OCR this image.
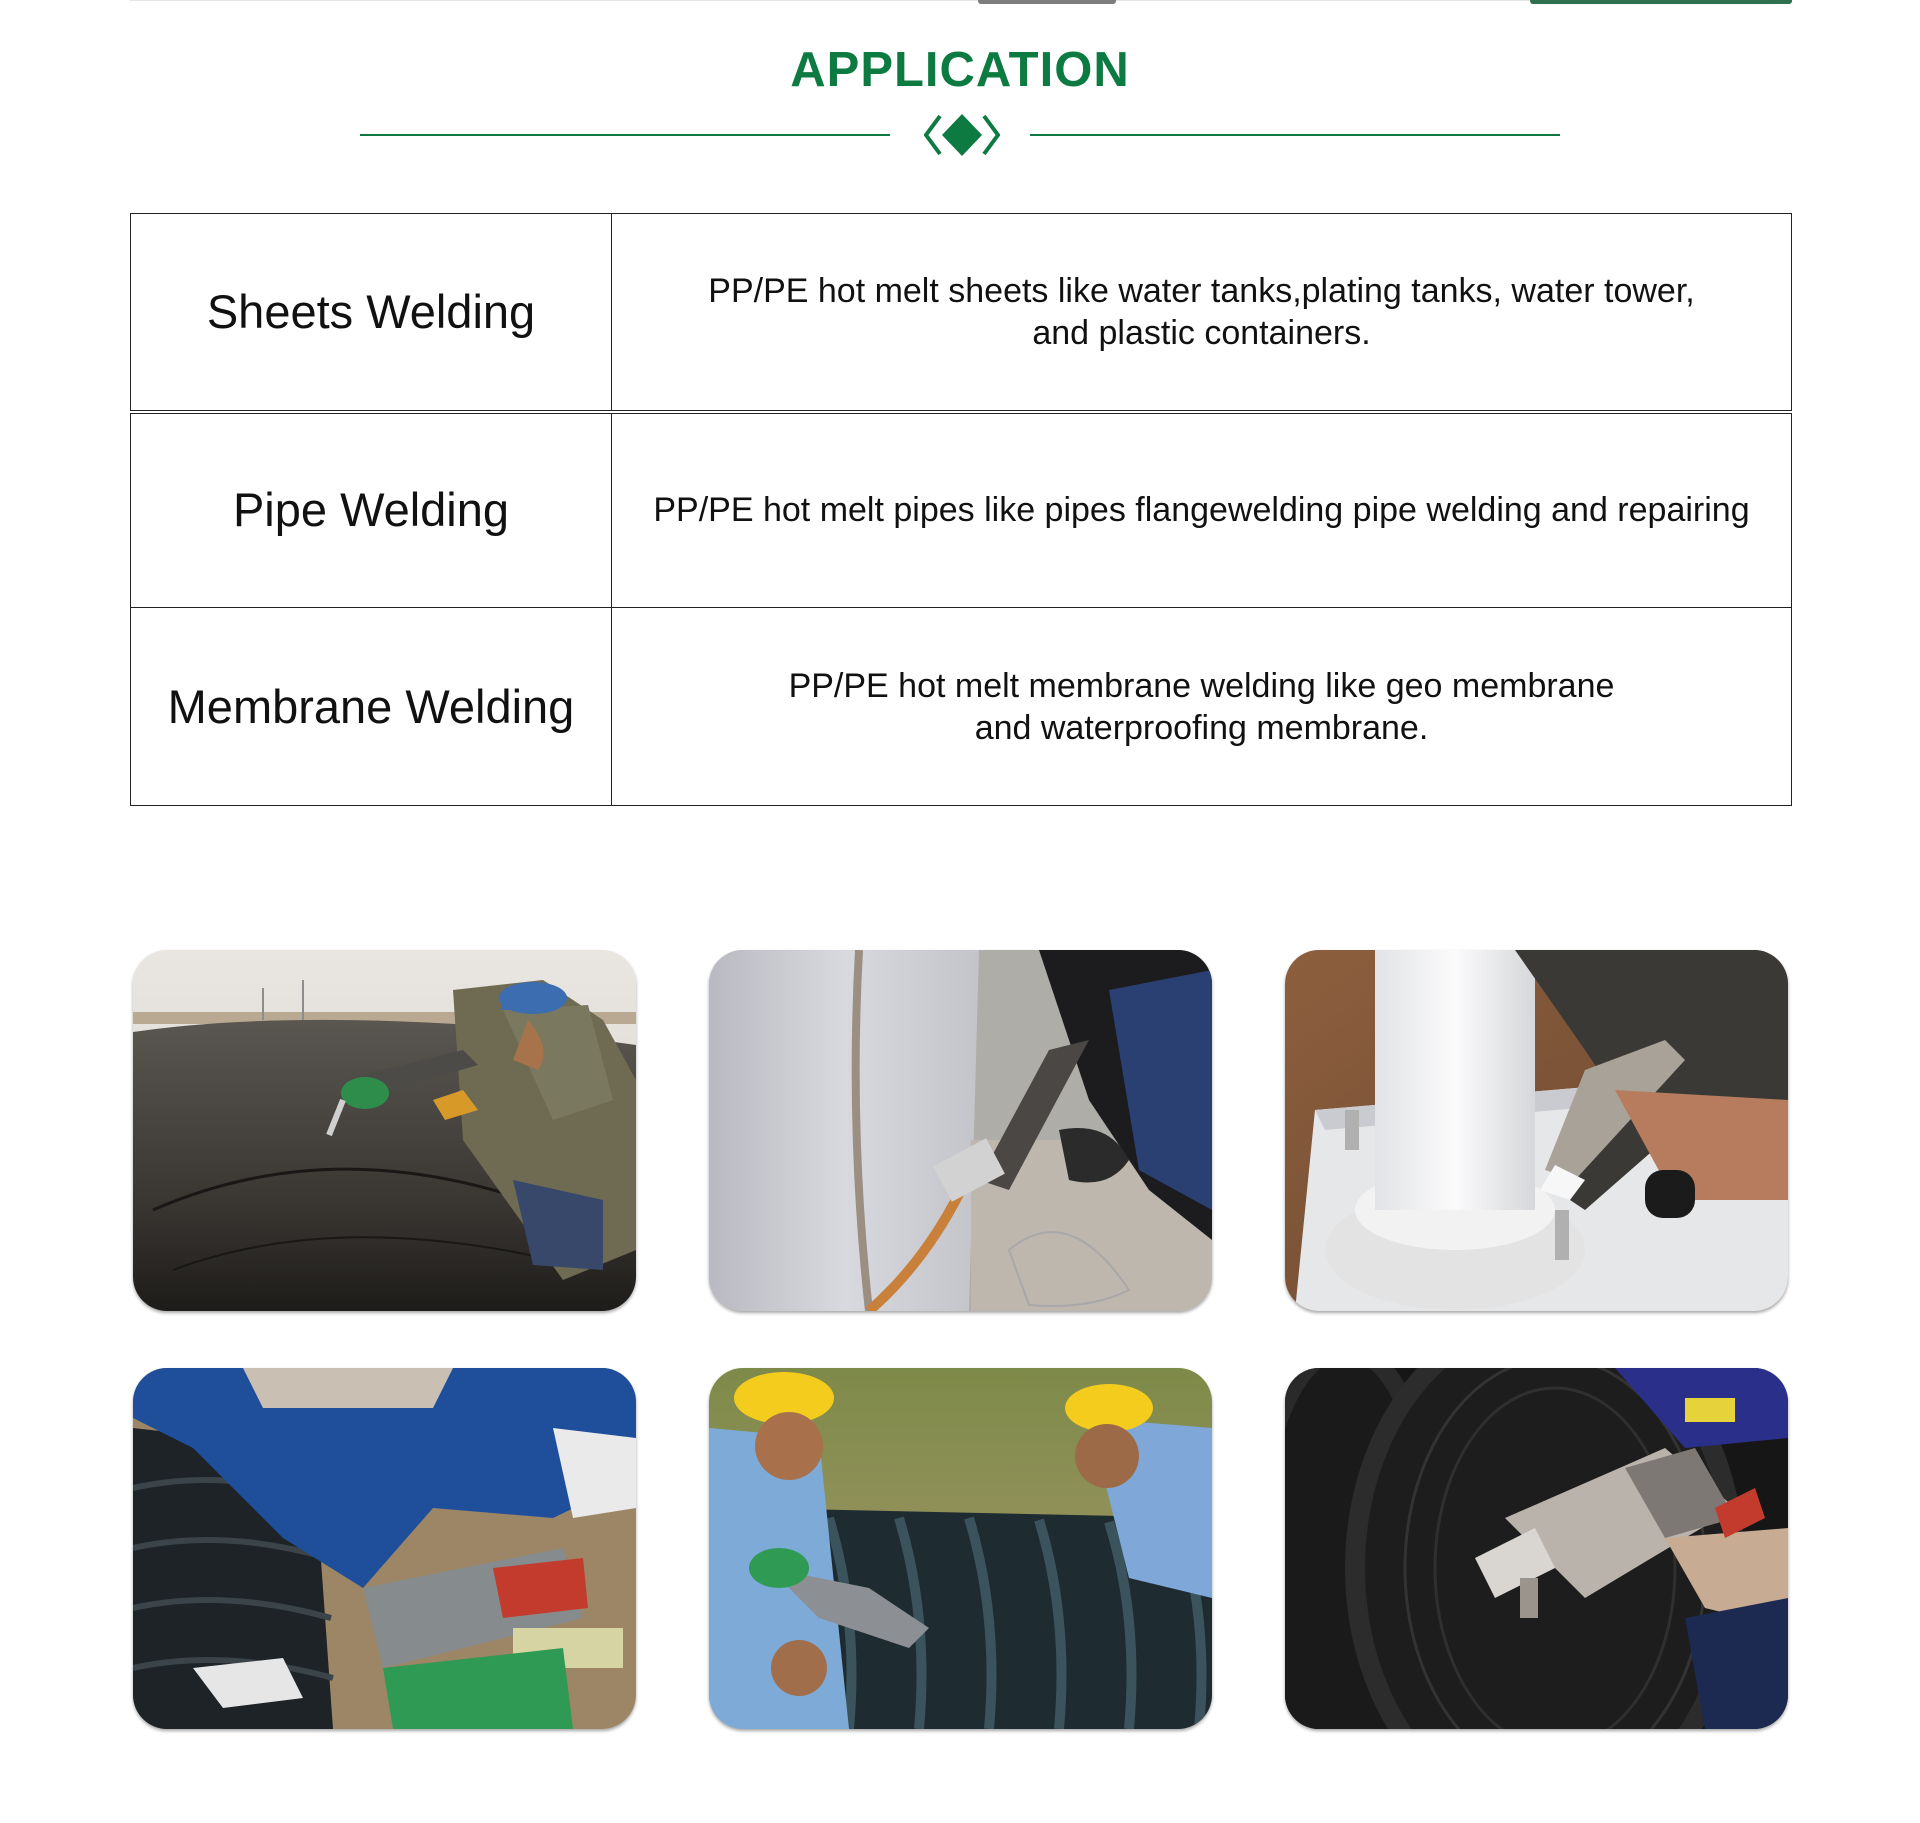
APPLICATION
Sheets Welding	PP/PE hot melt sheets like water tanks,plating tanks, water tower,
and plastic containers.

Pipe Welding	PP/PE hot melt pipes like pipes flangewelding pipe welding and repairing

Membrane Welding	PP/PE hot melt membrane welding like geo membrane
and waterproofing membrane.
